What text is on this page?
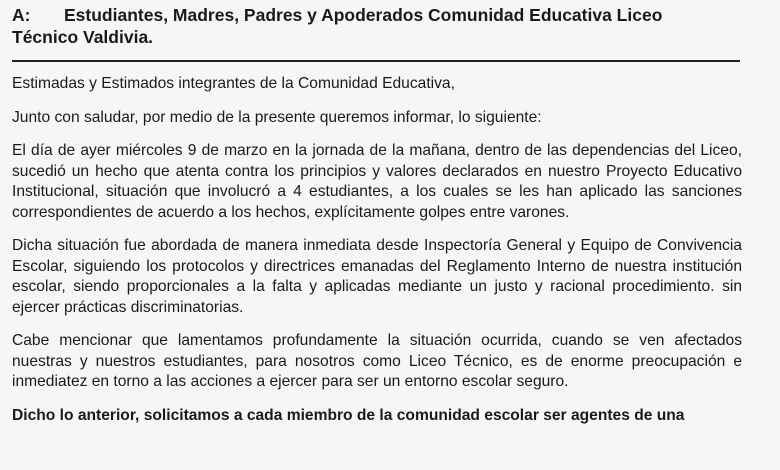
A: Estudiantes, Madres, Padres y Apoderados Comunidad Educativa Liceo
Técnico Valdivia.

Estimadas y Estimados integrantes de la Comunidad Educativa,

Junto con saludar, por medio de la presente queremos informar, lo siguiente:

El día de ayer miércoles 9 de marzo en la jornada de la mañana, dentro de las dependencias del Liceo, sucedió un hecho que atenta contra los principios y valores declarados en nuestro Proyecto Educativo Institucional, situación que involucró a 4 estudiantes, a los cuales se les han aplicado las sanciones correspondientes de acuerdo a los hechos, explícitamente golpes entre varones.

Dicha situación fue abordada de manera inmediata desde Inspectoría General y Equipo de Convivencia Escolar, siguiendo los protocolos y directrices emanadas del Reglamento Interno de nuestra institución escolar, siendo proporcionales a la falta y aplicadas mediante un justo y racional procedimiento. sin ejercer prácticas discriminatorias.

Cabe mencionar que lamentamos profundamente la situación ocurrida, cuando se ven afectados nuestras y nuestros estudiantes, para nosotros como Liceo Técnico, es de enorme preocupación e inmediatez en torno a las acciones a ejercer para ser un entorno escolar seguro.

Dicho lo anterior, solicitamos a cada miembro de la comunidad escolar ser agentes de una
